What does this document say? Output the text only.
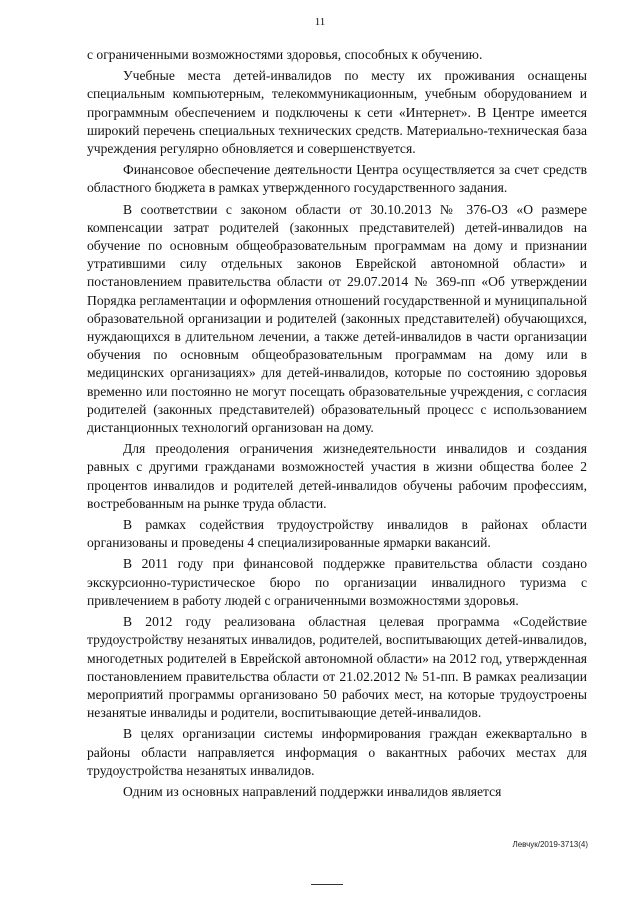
11

с ограниченными возможностями здоровья, способных к обучению.

Учебные места детей-инвалидов по месту их проживания оснащены специальным компьютерным, телекоммуникационным, учебным оборудованием и программным обеспечением и подключены к сети «Интернет». В Центре имеется широкий перечень специальных технических средств. Материально-техническая база учреждения регулярно обновляется и совершенствуется.

Финансовое обеспечение деятельности Центра осуществляется за счет средств областного бюджета в рамках утвержденного государственного задания.

В соответствии с законом области от 30.10.2013 № 376-ОЗ «О размере компенсации затрат родителей (законных представителей) детей-инвалидов на обучение по основным общеобразовательным программам на дому и признании утратившими силу отдельных законов Еврейской автономной области» и постановлением правительства области от 29.07.2014 № 369-пп «Об утверждении Порядка регламентации и оформления отношений государственной и муниципальной образовательной организации и родителей (законных представителей) обучающихся, нуждающихся в длительном лечении, а также детей-инвалидов в части организации обучения по основным общеобразовательным программам на дому или в медицинских организациях» для детей-инвалидов, которые по состоянию здоровья временно или постоянно не могут посещать образовательные учреждения, с согласия родителей (законных представителей) образовательный процесс с использованием дистанционных технологий организован на дому.

Для преодоления ограничения жизнедеятельности инвалидов и создания равных с другими гражданами возможностей участия в жизни общества более 2 процентов инвалидов и родителей детей-инвалидов обучены рабочим профессиям, востребованным на рынке труда области.

В рамках содействия трудоустройству инвалидов в районах области организованы и проведены 4 специализированные ярмарки вакансий.

В 2011 году при финансовой поддержке правительства области создано экскурсионно-туристическое бюро по организации инвалидного туризма с привлечением в работу людей с ограниченными возможностями здоровья.

В 2012 году реализована областная целевая программа «Содействие трудоустройству незанятых инвалидов, родителей, воспитывающих детей-инвалидов, многодетных родителей в Еврейской автономной области» на 2012 год, утвержденная постановлением правительства области от 21.02.2012 № 51-пп. В рамках реализации мероприятий программы организовано 50 рабочих мест, на которые трудоустроены незанятые инвалиды и родители, воспитывающие детей-инвалидов.

В целях организации системы информирования граждан ежеквартально в районы области направляется информация о вакантных рабочих местах для трудоустройства незанятых инвалидов.

Одним из основных направлений поддержки инвалидов является

Левчук/2019-3713(4)
